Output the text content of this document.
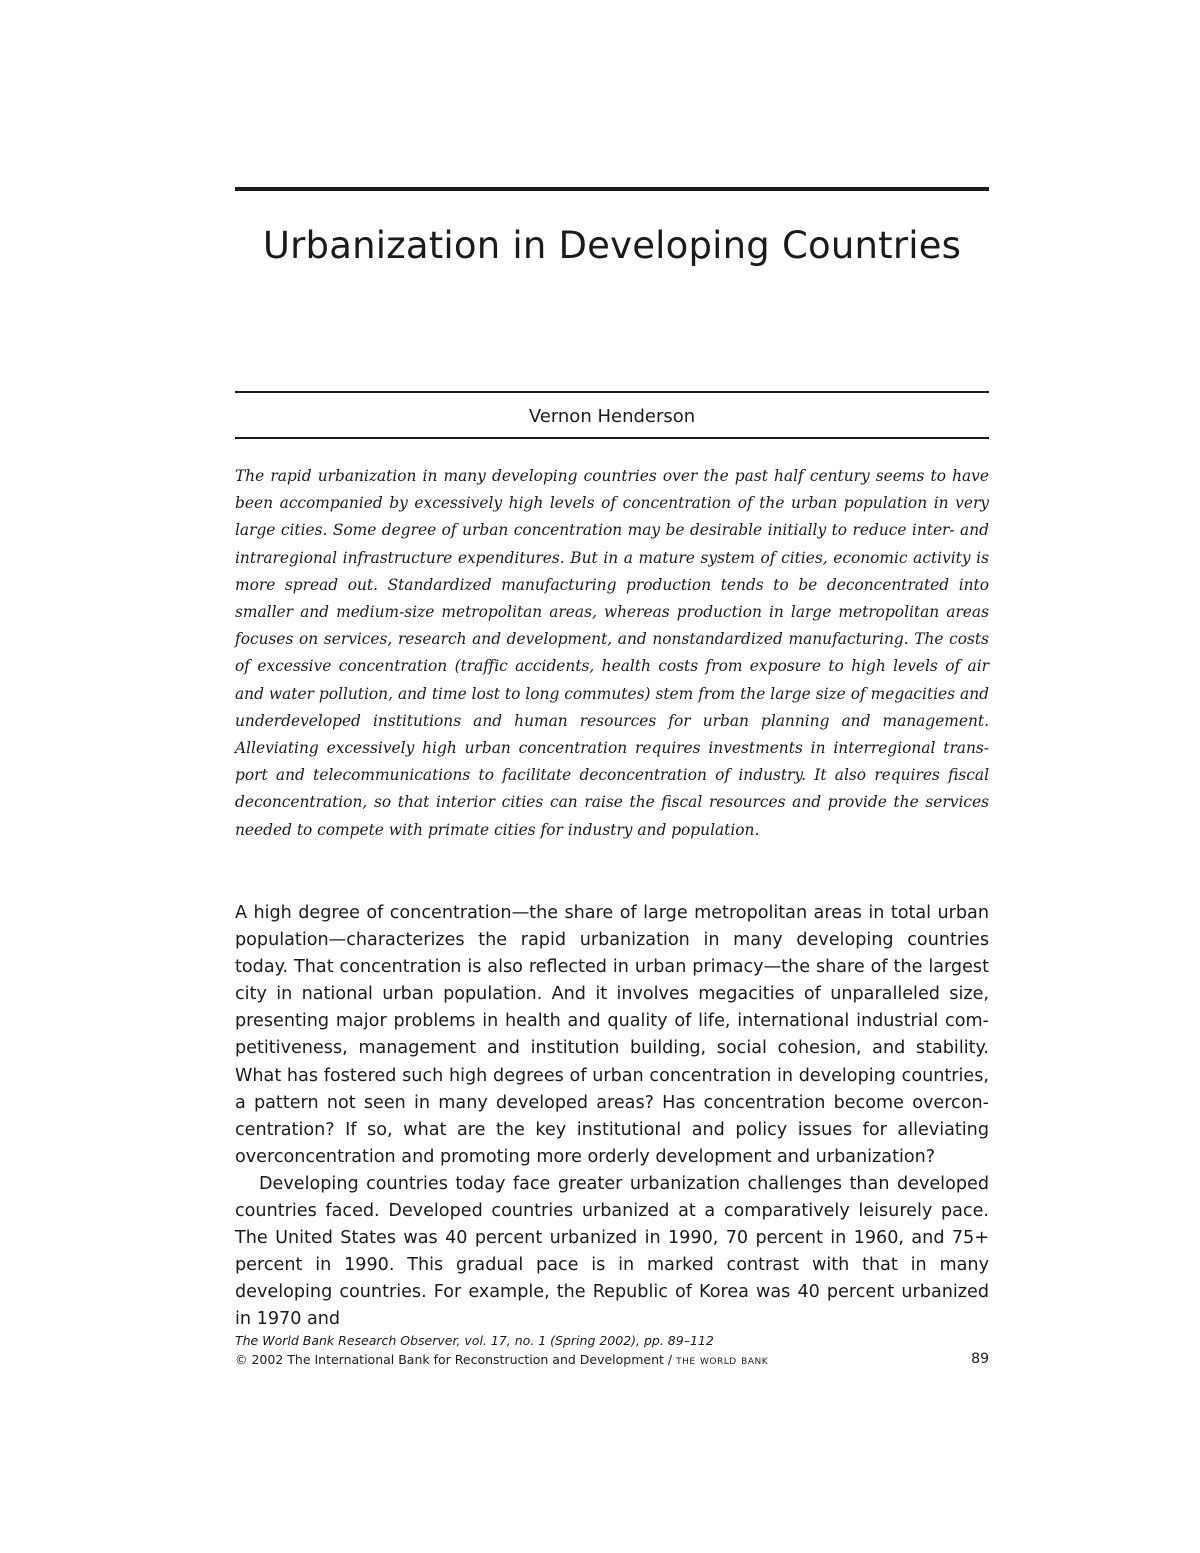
Urbanization in Developing Countries
Vernon Henderson

The rapid urbanization in many developing countries over the past half century seems to have been accompanied by excessively high levels of concentration of the urban population in very large cities. Some degree of urban concentration may be desirable initially to reduce inter- and intraregional infrastructure expenditures. But in a mature system of cities, economic activity is more spread out. Standardized manufacturing production tends to be deconcentrated into smaller and medium-size metropolitan areas, whereas production in large metropolitan areas focuses on services, research and development, and nonstandardized manufacturing. The costs of excessive concentration (traffic accidents, health costs from exposure to high levels of air and water pollution, and time lost to long commutes) stem from the large size of megacities and underdeveloped institutions and human resources for urban planning and management. Alleviating excessively high urban concentration requires investments in interregional transport and telecommunications to facilitate deconcentration of industry. It also requires fiscal deconcentration, so that interior cities can raise the fiscal resources and provide the services needed to compete with primate cities for industry and population.

A high degree of concentration—the share of large metropolitan areas in total urban population—characterizes the rapid urbanization in many developing countries today. That concentration is also reflected in urban primacy—the share of the largest city in national urban population. And it involves megacities of unparalleled size, presenting major problems in health and quality of life, international industrial competitiveness, management and institution building, social cohesion, and stability. What has fostered such high degrees of urban concentration in developing countries, a pattern not seen in many developed areas? Has concentration become overconcentration? If so, what are the key institutional and policy issues for alleviating overconcentration and promoting more orderly development and urbanization?

Developing countries today face greater urbanization challenges than developed countries faced. Developed countries urbanized at a comparatively leisurely pace. The United States was 40 percent urbanized in 1990, 70 percent in 1960, and 75+ percent in 1990. This gradual pace is in marked contrast with that in many developing countries. For example, the Republic of Korea was 40 percent urbanized in 1970 and

The World Bank Research Observer, vol. 17, no. 1 (Spring 2002), pp. 89–112
© 2002 The International Bank for Reconstruction and Development / the world bank	89
